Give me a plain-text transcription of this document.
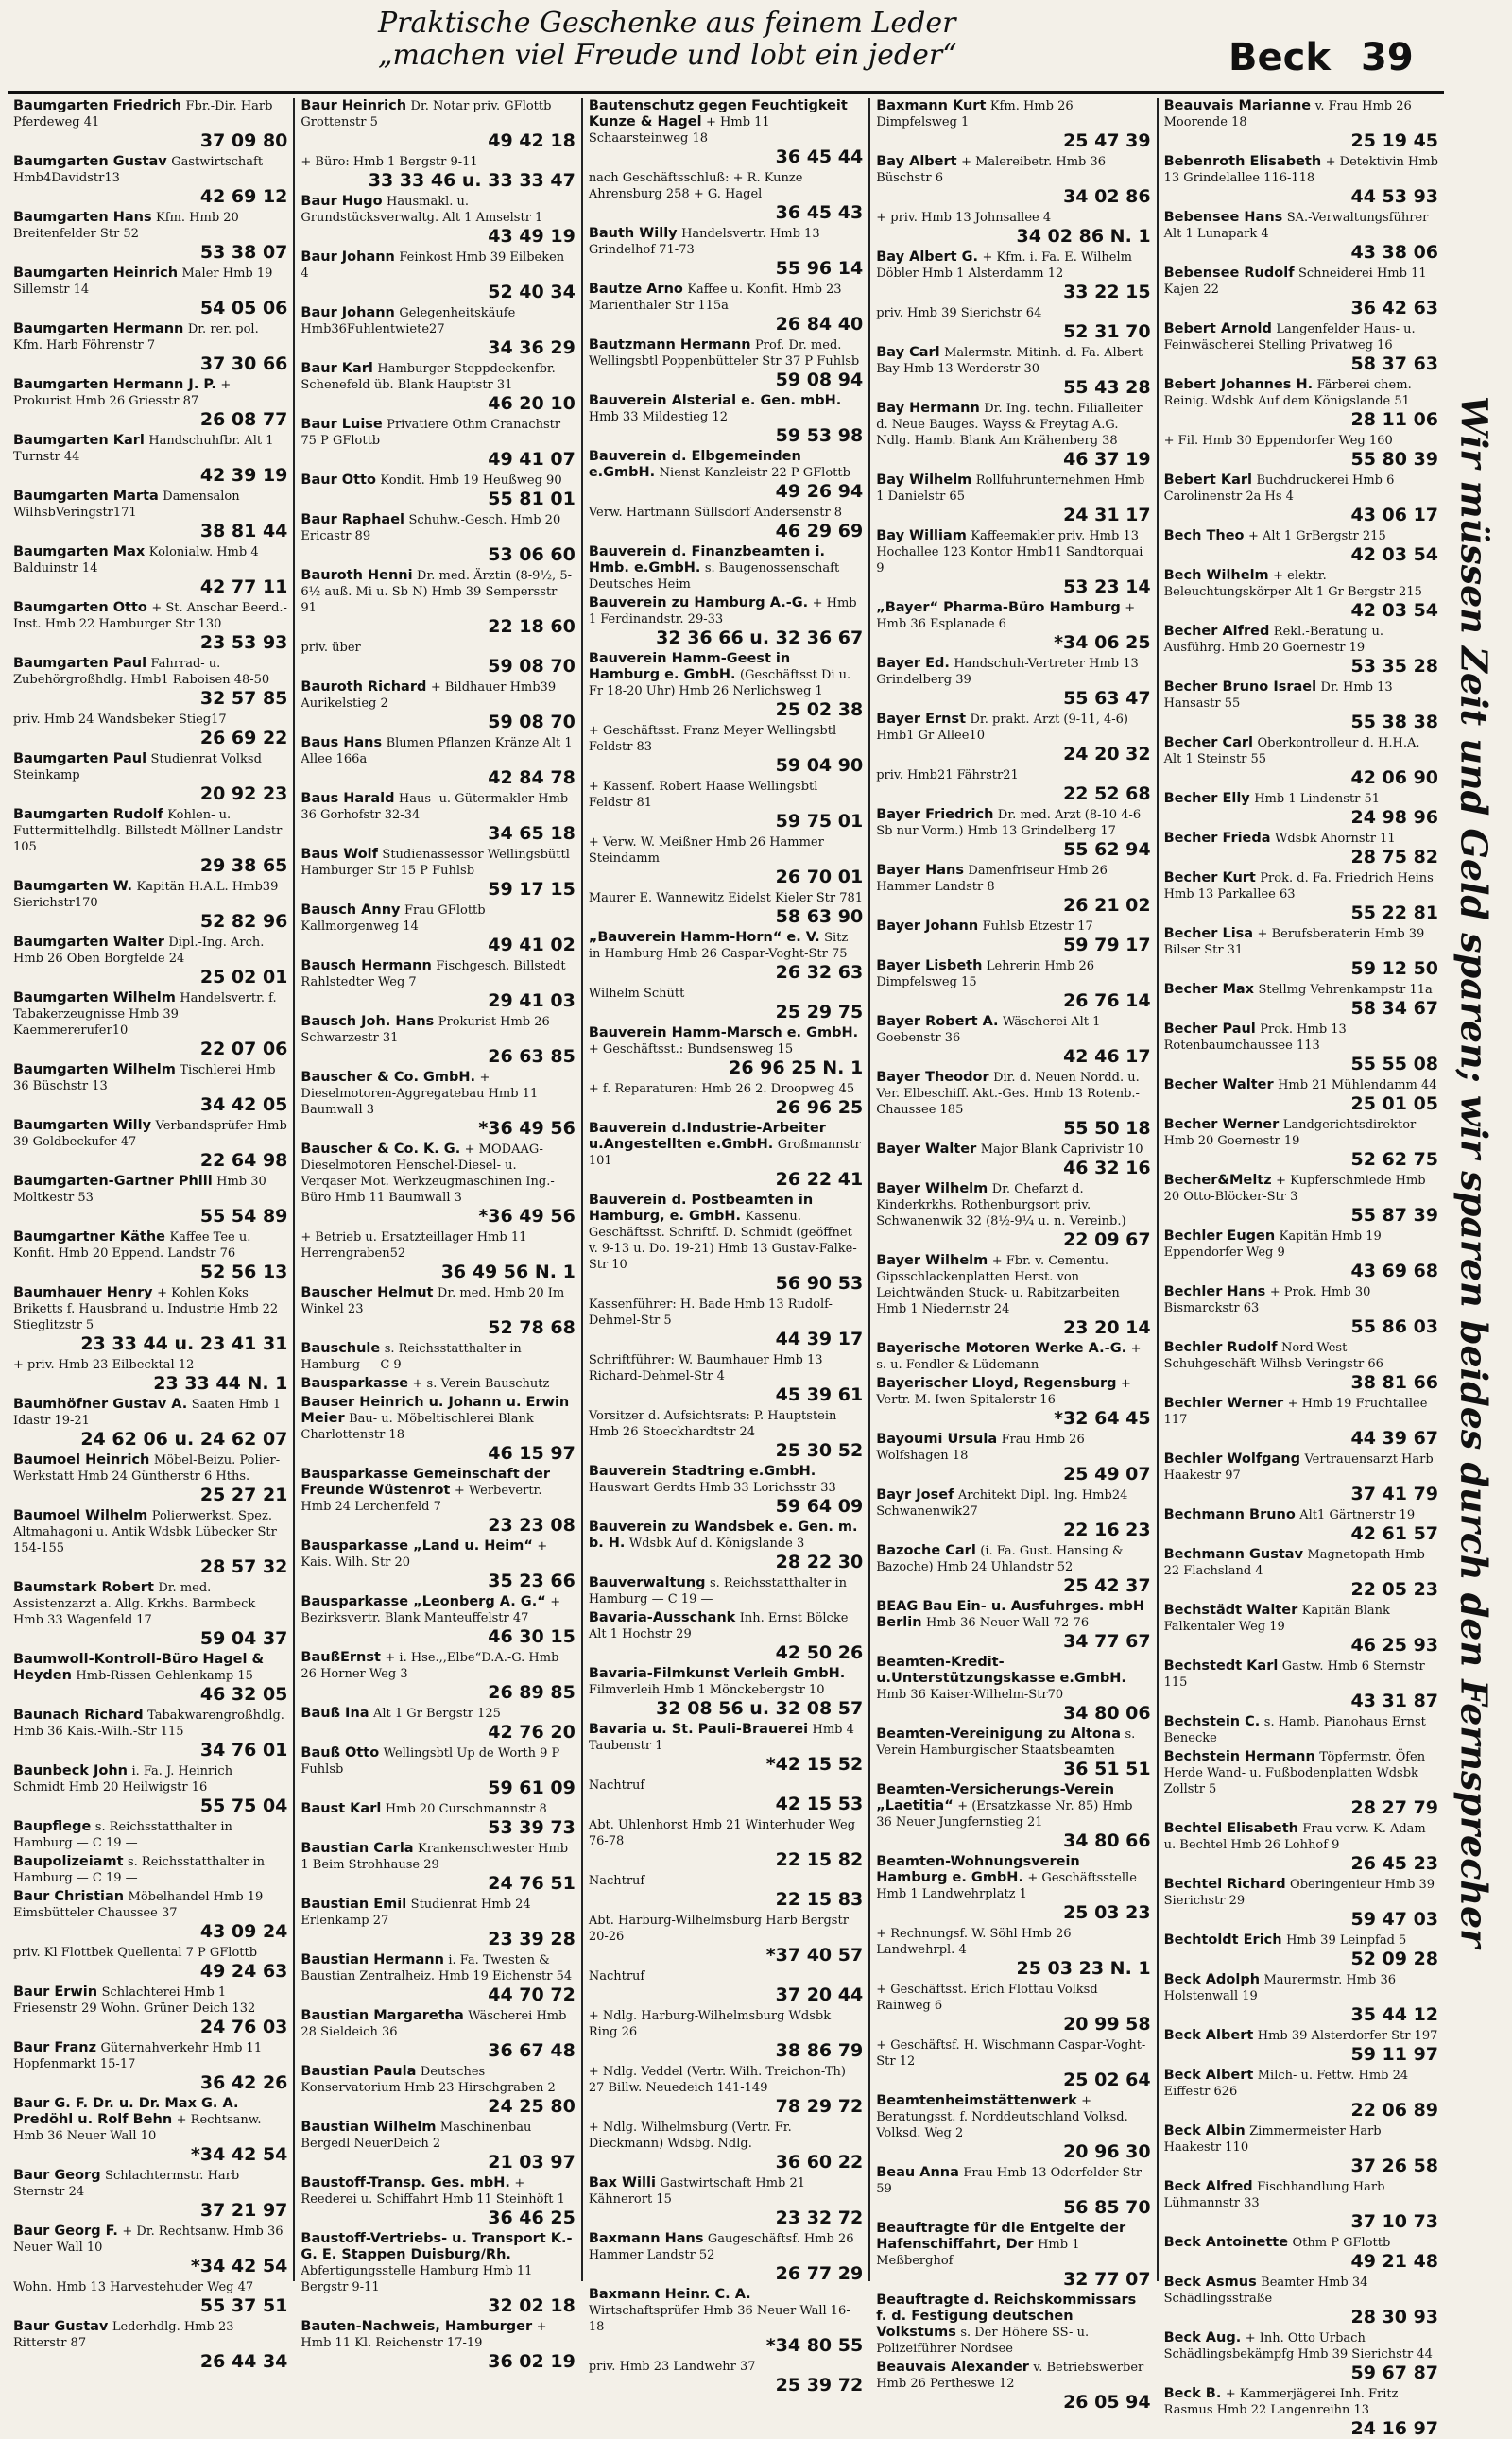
Praktische Geschenke aus feinem Leder
„machen viel Freude und lobt ein jeder“	Beck 39
Baumgarten Friedrich Fbr.-Dir. Harb Pferdeweg 41
37 09 80
Baumgarten Gustav Gastwirtschaft Hmb4Davidstr13
42 69 12
Baumgarten Hans Kfm. Hmb 20 Breitenfelder Str 52
53 38 07
Baumgarten Heinrich Maler Hmb 19 Sillemstr 14
54 05 06
Baumgarten Hermann Dr. rer. pol. Kfm. Harb Föhrenstr 7
37 30 66
Baumgarten Hermann J. P. + Prokurist Hmb 26 Griesstr 87
26 08 77
Baumgarten Karl Handschuhfbr. Alt 1 Turnstr 44
42 39 19
Baumgarten Marta Damensalon WilhsbVeringstr171
38 81 44
Baumgarten Max Kolonialw. Hmb 4 Balduinstr 14
42 77 11
Baumgarten Otto + St. Anschar Beerd.-Inst. Hmb 22 Hamburger Str 130
23 53 93
Baumgarten Paul Fahrrad- u. Zubehörgroßhdlg. Hmb1 Raboisen 48-50
32 57 85
priv. Hmb 24 Wandsbeker Stieg17
26 69 22
Baumgarten Paul Studienrat Volksd Steinkamp
20 92 23
Baumgarten Rudolf Kohlen- u. Futtermittelhdlg. Billstedt Möllner Landstr 105
29 38 65
Baumgarten W. Kapitän H.A.L. Hmb39 Sierichstr170
52 82 96
Baumgarten Walter Dipl.-Ing. Arch. Hmb 26 Oben Borgfelde 24
25 02 01
Baumgarten Wilhelm Handelsvertr. f. Tabakerzeugnisse Hmb 39 Kaemmererufer10
22 07 06
Baumgarten Wilhelm Tischlerei Hmb 36 Büschstr 13
34 42 05
Baumgarten Willy Verbandsprüfer Hmb 39 Goldbeckufer 47
22 64 98
Baumgarten-Gartner Phili Hmb 30 Moltkestr 53
55 54 89
Baumgartner Käthe Kaffee Tee u. Konfit. Hmb 20 Eppend. Landstr 76
52 56 13
Baumhauer Henry + Kohlen Koks Briketts f. Hausbrand u. Industrie Hmb 22 Stieglitzstr 5
23 33 44 u. 23 41 31
+ priv. Hmb 23 Eilbecktal 12
23 33 44 N. 1
Baumhöfner Gustav A. Saaten Hmb 1 Idastr 19-21
24 62 06 u. 24 62 07
Baumoel Heinrich Möbel-Beizu. Polier-Werkstatt Hmb 24 Güntherstr 6 Hths.
25 27 21
Baumoel Wilhelm Polierwerkst. Spez. Altmahagoni u. Antik Wdsbk Lübecker Str 154-155
28 57 32
Baumstark Robert Dr. med. Assistenzarzt a. Allg. Krkhs. Barmbeck Hmb 33 Wagenfeld 17
59 04 37
Baumwoll-Kontroll-Büro Hagel & Heyden Hmb-Rissen Gehlenkamp 15
46 32 05
Baunach Richard Tabakwarengroßhdlg. Hmb 36 Kais.-Wilh.-Str 115
34 76 01
Baunbeck John i. Fa. J. Heinrich Schmidt Hmb 20 Heilwigstr 16
55 75 04
Baupflege s. Reichsstatthalter in Hamburg — C 19 —
Baupolizeiamt s. Reichsstatthalter in Hamburg — C 19 —
Baur Christian Möbelhandel Hmb 19 Eimsbütteler Chaussee 37
43 09 24
priv. Kl Flottbek Quellental 7 P GFlottb
49 24 63
Baur Erwin Schlachterei Hmb 1 Friesenstr 29 Wohn. Grüner Deich 132
24 76 03
Baur Franz Güternahverkehr Hmb 11 Hopfenmarkt 15-17
36 42 26
Baur G. F. Dr. u. Dr. Max G. A. Predöhl u. Rolf Behn + Rechtsanw. Hmb 36 Neuer Wall 10
*34 42 54
Baur Georg Schlachtermstr. Harb Sternstr 24
37 21 97
Baur Georg F. + Dr. Rechtsanw. Hmb 36 Neuer Wall 10
*34 42 54
Wohn. Hmb 13 Harvestehuder Weg 47
55 37 51
Baur Gustav Lederhdlg. Hmb 23 Ritterstr 87
26 44 34
Baur Heinrich Dr. Notar priv. GFlottb Grottenstr 5
49 42 18
+ Büro: Hmb 1 Bergstr 9-11
33 33 46 u. 33 33 47
Baur Hugo Hausmakl. u. Grundstücksverwaltg. Alt 1 Amselstr 1
43 49 19
Baur Johann Feinkost Hmb 39 Eilbeken 4
52 40 34
Baur Johann Gelegenheitskäufe Hmb36Fuhlentwiete27
34 36 29
Baur Karl Hamburger Steppdeckenfbr. Schenefeld üb. Blank Hauptstr 31
46 20 10
Baur Luise Privatiere Othm Cranachstr 75 P GFlottb
49 41 07
Baur Otto Kondit. Hmb 19 Heußweg 90
55 81 01
Baur Raphael Schuhw.-Gesch. Hmb 20 Ericastr 89
53 06 60
Bauroth Henni Dr. med. Ärztin (8-9½, 5-6½ auß. Mi u. Sb N) Hmb 39 Sempersstr 91
22 18 60
priv. über
59 08 70
Bauroth Richard + Bildhauer Hmb39 Aurikelstieg 2
59 08 70
Baus Hans Blumen Pflanzen Kränze Alt 1 Allee 166a
42 84 78
Baus Harald Haus- u. Gütermakler Hmb 36 Gorhofstr 32-34
34 65 18
Baus Wolf Studienassessor Wellingsbüttl Hamburger Str 15 P Fuhlsb
59 17 15
Bausch Anny Frau GFlottb Kallmorgenweg 14
49 41 02
Bausch Hermann Fischgesch. Billstedt Rahlstedter Weg 7
29 41 03
Bausch Joh. Hans Prokurist Hmb 26 Schwarzestr 31
26 63 85
Bauscher & Co. GmbH. + Dieselmotoren-Aggregatebau Hmb 11 Baumwall 3
*36 49 56
Bauscher & Co. K. G. + MODAAG-Dieselmotoren Henschel-Diesel- u. Verqaser Mot. Werkzeugmaschinen Ing.-Büro Hmb 11 Baumwall 3
*36 49 56
+ Betrieb u. Ersatzteillager Hmb 11 Herrengraben52
36 49 56 N. 1
Bauscher Helmut Dr. med. Hmb 20 Im Winkel 23
52 78 68
Bauschule s. Reichsstatthalter in Hamburg — C 9 —
Bausparkasse + s. Verein Bauschutz
Bauser Heinrich u. Johann u. Erwin Meier Bau- u. Möbeltischlerei Blank Charlottenstr 18
46 15 97
Bausparkasse Gemeinschaft der Freunde Wüstenrot + Werbevertr. Hmb 24 Lerchenfeld 7
23 23 08
Bausparkasse „Land u. Heim“ + Kais. Wilh. Str 20
35 23 66
Bausparkasse „Leonberg A. G.“ + Bezirksvertr. Blank Manteuffelstr 47
46 30 15
BaußErnst + i. Hse.,,Elbe“D.A.-G. Hmb 26 Horner Weg 3
26 89 85
Bauß Ina Alt 1 Gr Bergstr 125
42 76 20
Bauß Otto Wellingsbtl Up de Worth 9 P Fuhlsb
59 61 09
Baust Karl Hmb 20 Curschmannstr 8
53 39 73
Baustian Carla Krankenschwester Hmb 1 Beim Strohhause 29
24 76 51
Baustian Emil Studienrat Hmb 24 Erlenkamp 27
23 39 28
Baustian Hermann i. Fa. Twesten & Baustian Zentralheiz. Hmb 19 Eichenstr 54
44 70 72
Baustian Margaretha Wäscherei Hmb 28 Sieldeich 36
36 67 48
Baustian Paula Deutsches Konservatorium Hmb 23 Hirschgraben 2
24 25 80
Baustian Wilhelm Maschinenbau Bergedl NeuerDeich 2
21 03 97
Baustoff-Transp. Ges. mbH. + Reederei u. Schiffahrt Hmb 11 Steinhöft 1
36 46 25
Baustoff-Vertriebs- u. Transport K.-G. E. Stappen Duisburg/Rh. Abfertigungsstelle Hamburg Hmb 11 Bergstr 9-11
32 02 18
Bauten-Nachweis, Hamburger + Hmb 11 Kl. Reichenstr 17-19
36 02 19
Bautenschutz gegen Feuchtigkeit Kunze & Hagel + Hmb 11 Schaarsteinweg 18
36 45 44
nach Geschäftsschluß: + R. Kunze Ahrensburg 258 + G. Hagel
36 45 43
Bauth Willy Handelsvertr. Hmb 13 Grindelhof 71-73
55 96 14
Bautze Arno Kaffee u. Konfit. Hmb 23 Marienthaler Str 115a
26 84 40
Bautzmann Hermann Prof. Dr. med. Wellingsbtl Poppenbütteler Str 37 P Fuhlsb
59 08 94
Bauverein Alsterial e. Gen. mbH. Hmb 33 Mildestieg 12
59 53 98
Bauverein d. Elbgemeinden e.GmbH. Nienst Kanzleistr 22 P GFlottb
49 26 94
Verw. Hartmann Süllsdorf Andersenstr 8
46 29 69
Bauverein d. Finanzbeamten i. Hmb. e.GmbH. s. Baugenossenschaft Deutsches Heim
Bauverein zu Hamburg A.-G. + Hmb 1 Ferdinandstr. 29-33
32 36 66 u. 32 36 67
Bauverein Hamm-Geest in Hamburg e. GmbH. (Geschäftsst Di u. Fr 18-20 Uhr) Hmb 26 Nerlichsweg 1
25 02 38
+ Geschäftsst. Franz Meyer Wellingsbtl Feldstr 83
59 04 90
+ Kassenf. Robert Haase Wellingsbtl Feldstr 81
59 75 01
+ Verw. W. Meißner Hmb 26 Hammer Steindamm
26 70 01
Maurer E. Wannewitz Eidelst Kieler Str 781
58 63 90
„Bauverein Hamm-Horn“ e. V. Sitz in Hamburg Hmb 26 Caspar-Voght-Str 75
26 32 63
Wilhelm Schütt
25 29 75
Bauverein Hamm-Marsch e. GmbH. + Geschäftsst.: Bundsensweg 15
26 96 25 N. 1
+ f. Reparaturen: Hmb 26 2. Droopweg 45
26 96 25
Bauverein d.Industrie-Arbeiter u.Angestellten e.GmbH. Großmannstr 101
26 22 41
Bauverein d. Postbeamten in Hamburg, e. GmbH. Kassenu. Geschäftsst. Schriftf. D. Schmidt (geöffnet v. 9-13 u. Do. 19-21) Hmb 13 Gustav-Falke-Str 10
56 90 53
Kassenführer: H. Bade Hmb 13 Rudolf-Dehmel-Str 5
44 39 17
Schriftführer: W. Baumhauer Hmb 13 Richard-Dehmel-Str 4
45 39 61
Vorsitzer d. Aufsichtsrats: P. Hauptstein Hmb 26 Stoeckhardtstr 24
25 30 52
Bauverein Stadtring e.GmbH. Hauswart Gerdts Hmb 33 Lorichsstr 33
59 64 09
Bauverein zu Wandsbek e. Gen. m. b. H. Wdsbk Auf d. Königslande 3
28 22 30
Bauverwaltung s. Reichsstatthalter in Hamburg — C 19 —
Bavaria-Ausschank Inh. Ernst Bölcke Alt 1 Hochstr 29
42 50 26
Bavaria-Filmkunst Verleih GmbH. Filmverleih Hmb 1 Mönckebergstr 10
32 08 56 u. 32 08 57
Bavaria u. St. Pauli-Brauerei Hmb 4 Taubenstr 1
*42 15 52
Nachtruf
42 15 53
Abt. Uhlenhorst Hmb 21 Winterhuder Weg 76-78
22 15 82
Nachtruf
22 15 83
Abt. Harburg-Wilhelmsburg Harb Bergstr 20-26
*37 40 57
Nachtruf
37 20 44
+ Ndlg. Harburg-Wilhelmsburg Wdsbk Ring 26
38 86 79
+ Ndlg. Veddel (Vertr. Wilh. Treichon-Th) 27 Billw. Neuedeich 141-149
78 29 72
+ Ndlg. Wilhelmsburg (Vertr. Fr. Dieckmann) Wdsbg. Ndlg.
36 60 22
Bax Willi Gastwirtschaft Hmb 21 Kähnerort 15
23 32 72
Baxmann Hans Gaugeschäftsf. Hmb 26 Hammer Landstr 52
26 77 29
Baxmann Heinr. C. A. Wirtschaftsprüfer Hmb 36 Neuer Wall 16-18
*34 80 55
priv. Hmb 23 Landwehr 37
25 39 72
Baxmann Kurt Kfm. Hmb 26 Dimpfelsweg 1
25 47 39
Bay Albert + Malereibetr. Hmb 36 Büschstr 6
34 02 86
+ priv. Hmb 13 Johnsallee 4
34 02 86 N. 1
Bay Albert G. + Kfm. i. Fa. E. Wilhelm Döbler Hmb 1 Alsterdamm 12
33 22 15
priv. Hmb 39 Sierichstr 64
52 31 70
Bay Carl Malermstr. Mitinh. d. Fa. Albert Bay Hmb 13 Werderstr 30
55 43 28
Bay Hermann Dr. Ing. techn. Filialleiter d. Neue Bauges. Wayss & Freytag A.G. Ndlg. Hamb. Blank Am Krähenberg 38
46 37 19
Bay Wilhelm Rollfuhrunternehmen Hmb 1 Danielstr 65
24 31 17
Bay William Kaffeemakler priv. Hmb 13 Hochallee 123 Kontor Hmb11 Sandtorquai 9
53 23 14
„Bayer“ Pharma-Büro Hamburg + Hmb 36 Esplanade 6
*34 06 25
Bayer Ed. Handschuh-Vertreter Hmb 13 Grindelberg 39
55 63 47
Bayer Ernst Dr. prakt. Arzt (9-11, 4-6) Hmb1 Gr Allee10
24 20 32
priv. Hmb21 Fährstr21
22 52 68
Bayer Friedrich Dr. med. Arzt (8-10 4-6 Sb nur Vorm.) Hmb 13 Grindelberg 17
55 62 94
Bayer Hans Damenfriseur Hmb 26 Hammer Landstr 8
26 21 02
Bayer Johann Fuhlsb Etzestr 17
59 79 17
Bayer Lisbeth Lehrerin Hmb 26 Dimpfelsweg 15
26 76 14
Bayer Robert A. Wäscherei Alt 1 Goebenstr 36
42 46 17
Bayer Theodor Dir. d. Neuen Nordd. u. Ver. Elbeschiff. Akt.-Ges. Hmb 13 Rotenb.-Chaussee 185
55 50 18
Bayer Walter Major Blank Caprivistr 10
46 32 16
Bayer Wilhelm Dr. Chefarzt d. Kinderkrkhs. Rothenburgsort priv. Schwanenwik 32 (8½-9¼ u. n. Vereinb.)
22 09 67
Bayer Wilhelm + Fbr. v. Cementu. Gipsschlackenplatten Herst. von Leichtwänden Stuck- u. Rabitzarbeiten Hmb 1 Niedernstr 24
23 20 14
Bayerische Motoren Werke A.-G. + s. u. Fendler & Lüdemann
Bayerischer Lloyd, Regensburg + Vertr. M. Iwen Spitalerstr 16
*32 64 45
Bayoumi Ursula Frau Hmb 26 Wolfshagen 18
25 49 07
Bayr Josef Architekt Dipl. Ing. Hmb24 Schwanenwik27
22 16 23
Bazoche Carl (i. Fa. Gust. Hansing & Bazoche) Hmb 24 Uhlandstr 52
25 42 37
BEAG Bau Ein- u. Ausfuhrges. mbH Berlin Hmb 36 Neuer Wall 72-76
34 77 67
Beamten-Kredit- u.Unterstützungskasse e.GmbH. Hmb 36 Kaiser-Wilhelm-Str70
34 80 06
Beamten-Vereinigung zu Altona s. Verein Hamburgischer Staatsbeamten
36 51 51
Beamten-Versicherungs-Verein „Laetitia“ + (Ersatzkasse Nr. 85) Hmb 36 Neuer Jungfernstieg 21
34 80 66
Beamten-Wohnungsverein Hamburg e. GmbH. + Geschäftsstelle Hmb 1 Landwehrplatz 1
25 03 23
+ Rechnungsf. W. Söhl Hmb 26 Landwehrpl. 4
25 03 23 N. 1
+ Geschäftsst. Erich Flottau Volksd Rainweg 6
20 99 58
+ Geschäftsf. H. Wischmann Caspar-Voght-Str 12
25 02 64
Beamtenheimstättenwerk + Beratungsst. f. Norddeutschland Volksd. Volksd. Weg 2
20 96 30
Beau Anna Frau Hmb 13 Oderfelder Str 59
56 85 70
Beauftragte für die Entgelte der Hafenschiffahrt, Der Hmb 1 Meßberghof
32 77 07
Beauftragte d. Reichskommissars f. d. Festigung deutschen Volkstums s. Der Höhere SS- u. Polizeiführer Nordsee
Beauvais Alexander v. Betriebswerber Hmb 26 Pertheswe 12
26 05 94
Beauvais Marianne v. Frau Hmb 26 Moorende 18
25 19 45
Bebenroth Elisabeth + Detektivin Hmb 13 Grindelallee 116-118
44 53 93
Bebensee Hans SA.-Verwaltungsführer Alt 1 Lunapark 4
43 38 06
Bebensee Rudolf Schneiderei Hmb 11 Kajen 22
36 42 63
Bebert Arnold Langenfelder Haus- u. Feinwäscherei Stelling Privatweg 16
58 37 63
Bebert Johannes H. Färberei chem. Reinig. Wdsbk Auf dem Königslande 51
28 11 06
+ Fil. Hmb 30 Eppendorfer Weg 160
55 80 39
Bebert Karl Buchdruckerei Hmb 6 Carolinenstr 2a Hs 4
43 06 17
Bech Theo + Alt 1 GrBergstr 215
42 03 54
Bech Wilhelm + elektr. Beleuchtungskörper Alt 1 Gr Bergstr 215
42 03 54
Becher Alfred Rekl.-Beratung u. Ausführg. Hmb 20 Goernestr 19
53 35 28
Becher Bruno Israel Dr. Hmb 13 Hansastr 55
55 38 38
Becher Carl Oberkontrolleur d. H.H.A. Alt 1 Steinstr 55
42 06 90
Becher Elly Hmb 1 Lindenstr 51
24 98 96
Becher Frieda Wdsbk Ahornstr 11
28 75 82
Becher Kurt Prok. d. Fa. Friedrich Heins Hmb 13 Parkallee 63
55 22 81
Becher Lisa + Berufsberaterin Hmb 39 Bilser Str 31
59 12 50
Becher Max Stellmg Vehrenkampstr 11a
58 34 67
Becher Paul Prok. Hmb 13 Rotenbaumchaussee 113
55 55 08
Becher Walter Hmb 21 Mühlendamm 44
25 01 05
Becher Werner Landgerichtsdirektor Hmb 20 Goernestr 19
52 62 75
Becher&Meltz + Kupferschmiede Hmb 20 Otto-Blöcker-Str 3
55 87 39
Bechler Eugen Kapitän Hmb 19 Eppendorfer Weg 9
43 69 68
Bechler Hans + Prok. Hmb 30 Bismarckstr 63
55 86 03
Bechler Rudolf Nord-West Schuhgeschäft Wilhsb Veringstr 66
38 81 66
Bechler Werner + Hmb 19 Fruchtallee 117
44 39 67
Bechler Wolfgang Vertrauensarzt Harb Haakestr 97
37 41 79
Bechmann Bruno Alt1 Gärtnerstr 19
42 61 57
Bechmann Gustav Magnetopath Hmb 22 Flachsland 4
22 05 23
Bechstädt Walter Kapitän Blank Falkentaler Weg 19
46 25 93
Bechstedt Karl Gastw. Hmb 6 Sternstr 115
43 31 87
Bechstein C. s. Hamb. Pianohaus Ernst Benecke
Bechstein Hermann Töpfermstr. Öfen Herde Wand- u. Fußbodenplatten Wdsbk Zollstr 5
28 27 79
Bechtel Elisabeth Frau verw. K. Adam u. Bechtel Hmb 26 Lohhof 9
26 45 23
Bechtel Richard Oberingenieur Hmb 39 Sierichstr 29
59 47 03
Bechtoldt Erich Hmb 39 Leinpfad 5
52 09 28
Beck Adolph Maurermstr. Hmb 36 Holstenwall 19
35 44 12
Beck Albert Hmb 39 Alsterdorfer Str 197
59 11 97
Beck Albert Milch- u. Fettw. Hmb 24 Eiffestr 626
22 06 89
Beck Albin Zimmermeister Harb Haakestr 110
37 26 58
Beck Alfred Fischhandlung Harb Lühmannstr 33
37 10 73
Beck Antoinette Othm P GFlottb
49 21 48
Beck Asmus Beamter Hmb 34 Schädlingsstraße
28 30 93
Beck Aug. + Inh. Otto Urbach Schädlingsbekämpfg Hmb 39 Sierichstr 44
59 67 87
Beck B. + Kammerjägerei Inh. Fritz Rasmus Hmb 22 Langenreihn 13
24 16 97
Wir müssen Zeit und Geld sparen; wir sparen beides durch den Fernsprecher
